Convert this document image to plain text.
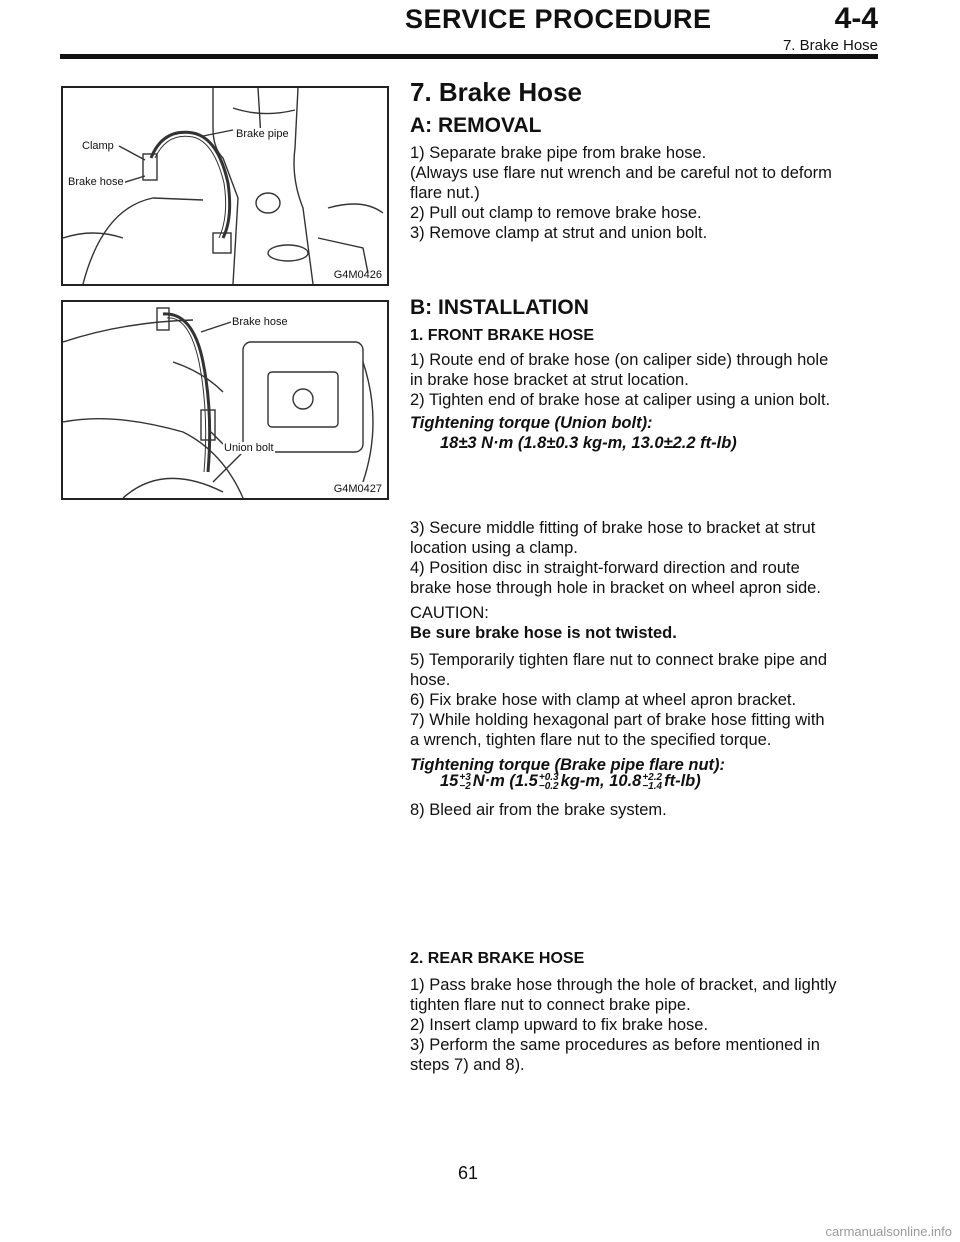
SERVICE PROCEDURE	4-4
7. Brake Hose
Clamp
Brake pipe
Brake hose
G4M0426
Brake hose
Union bolt
G4M0427
7. Brake Hose
A: REMOVAL
1) Separate brake pipe from brake hose.
(Always use flare nut wrench and be careful not to deform
flare nut.)
2) Pull out clamp to remove brake hose.
3) Remove clamp at strut and union bolt.
B: INSTALLATION
1. FRONT BRAKE HOSE
1) Route end of brake hose (on caliper side) through hole
in brake hose bracket at strut location.
2) Tighten end of brake hose at caliper using a union bolt.
Tightening torque (Union bolt):
18±3 N·m (1.8±0.3 kg-m, 13.0±2.2 ft-lb)
3) Secure middle fitting of brake hose to bracket at strut
location using a clamp.
4) Position disc in straight-forward direction and route
brake hose through hole in bracket on wheel apron side.
CAUTION:
Be sure brake hose is not twisted.
5) Temporarily tighten flare nut to connect brake pipe and
hose.
6) Fix brake hose with clamp at wheel apron bracket.
7) While holding hexagonal part of brake hose fitting with
a wrench, tighten flare nut to the specified torque.
Tightening torque (Brake pipe flare nut):
15 +3
−2 N·m (1.5 +0.3
−0.2 kg-m, 10.8 +2.2
−1.4 ft-lb)
8) Bleed air from the brake system.
2. REAR BRAKE HOSE
1) Pass brake hose through the hole of bracket, and lightly
tighten flare nut to connect brake pipe.
2) Insert clamp upward to fix brake hose.
3) Perform the same procedures as before mentioned in
steps 7) and 8).
61
carmanualsonline.info
